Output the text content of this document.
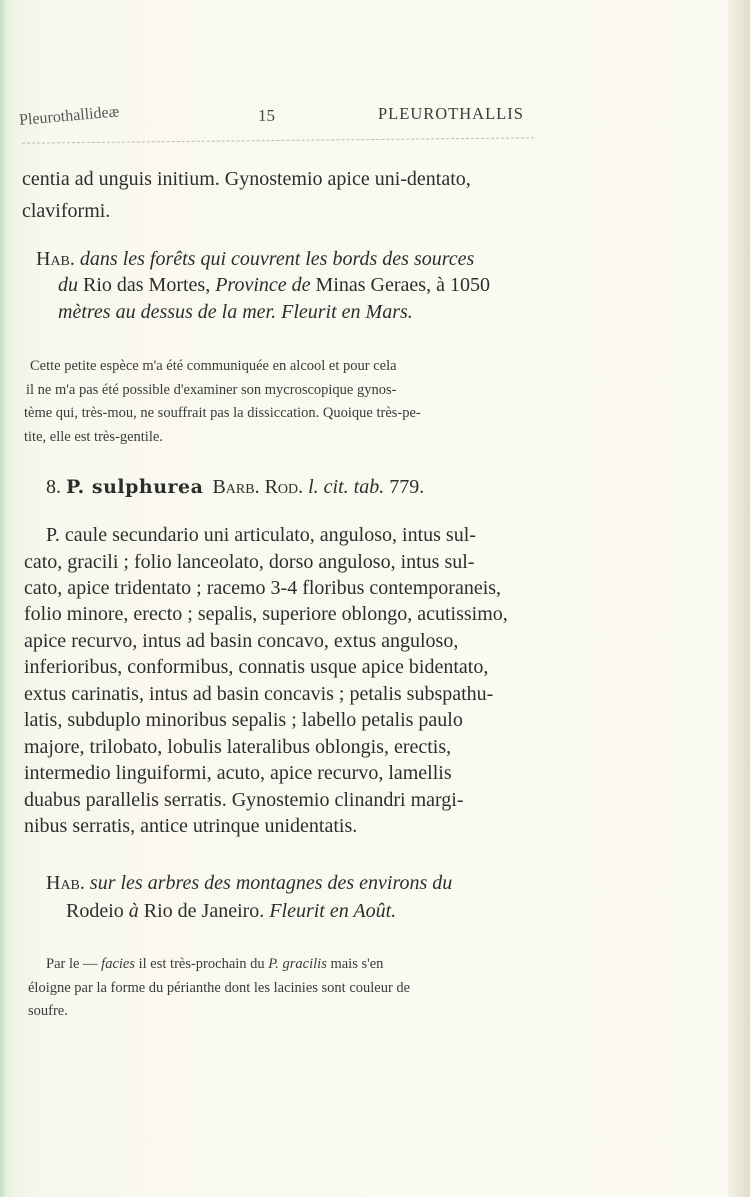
Pleurothallideæ	15	PLEUROTHALLIS
centia ad unguis initium. Gynostemio apice uni-dentato,
claviformi.
Hab. dans les forêts qui couvrent les bords des sources
du Rio das Mortes, Province de Minas Geraes, à 1050
mètres au dessus de la mer. Fleurit en Mars.
Cette petite espèce m'a été communiquée en alcool et pour cela
il ne m'a pas été possible d'examiner son mycroscopique gynos-
tème qui, très-mou, ne souffrait pas la dissiccation. Quoique très-pe-
tite, elle est très-gentile.
8. P. sulphurea Barb. Rod. l. cit. tab. 779.
P. caule secundario uni articulato, anguloso, intus sul-
cato, gracili ; folio lanceolato, dorso anguloso, intus sul-
cato, apice tridentato ; racemo 3-4 floribus contemporaneis,
folio minore, erecto ; sepalis, superiore oblongo, acutissimo,
apice recurvo, intus ad basin concavo, extus anguloso,
inferioribus, conformibus, connatis usque apice bidentato,
extus carinatis, intus ad basin concavis ; petalis subspathu-
latis, subduplo minoribus sepalis ; labello petalis paulo
majore, trilobato, lobulis lateralibus oblongis, erectis,
intermedio linguiformi, acuto, apice recurvo, lamellis
duabus parallelis serratis. Gynostemio clinandri margi-
nibus serratis, antice utrinque unidentatis.
Hab. sur les arbres des montagnes des environs du
Rodeio à Rio de Janeiro. Fleurit en Août.
Par le — facies il est très-prochain du P. gracilis mais s'en
éloigne par la forme du périanthe dont les lacinies sont couleur de
soufre.
